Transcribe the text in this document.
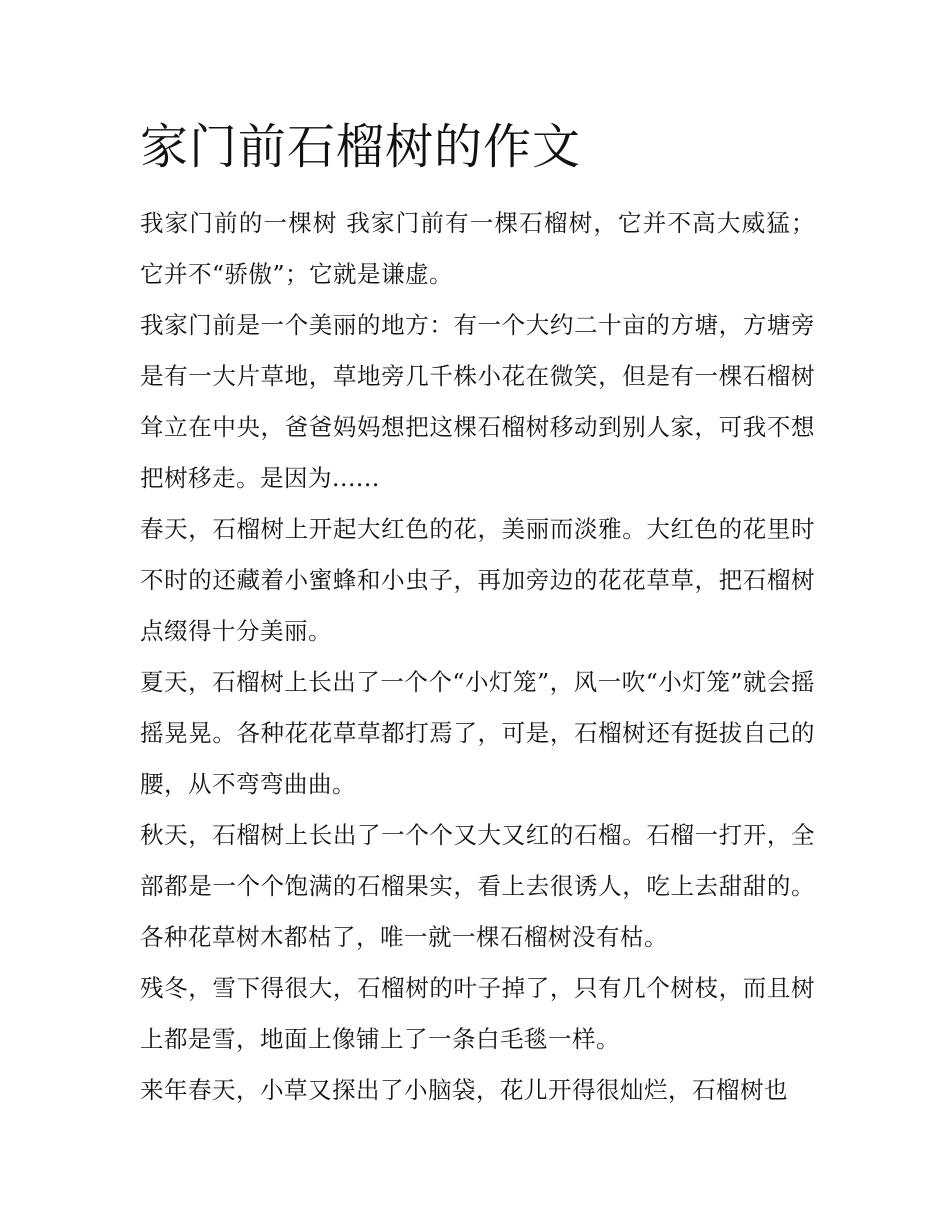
家门前石榴树的作文

我家门前的一棵树 我家门前有一棵石榴树，它并不高大威猛；它并不“骄傲”；它就是谦虚。

我家门前是一个美丽的地方：有一个大约二十亩的方塘，方塘旁是有一大片草地，草地旁几千株小花在微笑，但是有一棵石榴树耸立在中央，爸爸妈妈想把这棵石榴树移动到别人家，可我不想把树移走。是因为......

春天，石榴树上开起大红色的花，美丽而淡雅。大红色的花里时不时的还藏着小蜜蜂和小虫子，再加旁边的花花草草，把石榴树点缀得十分美丽。

夏天，石榴树上长出了一个个“小灯笼”，风一吹“小灯笼”就会摇摇晃晃。各种花花草草都打焉了，可是，石榴树还有挺拔自己的腰，从不弯弯曲曲。

秋天，石榴树上长出了一个个又大又红的石榴。石榴一打开，全部都是一个个饱满的石榴果实，看上去很诱人，吃上去甜甜的。各种花草树木都枯了，唯一就一棵石榴树没有枯。

残冬，雪下得很大，石榴树的叶子掉了，只有几个树枝，而且树上都是雪，地面上像铺上了一条白毛毯一样。

来年春天，小草又探出了小脑袋，花儿开得很灿烂，石榴树也
